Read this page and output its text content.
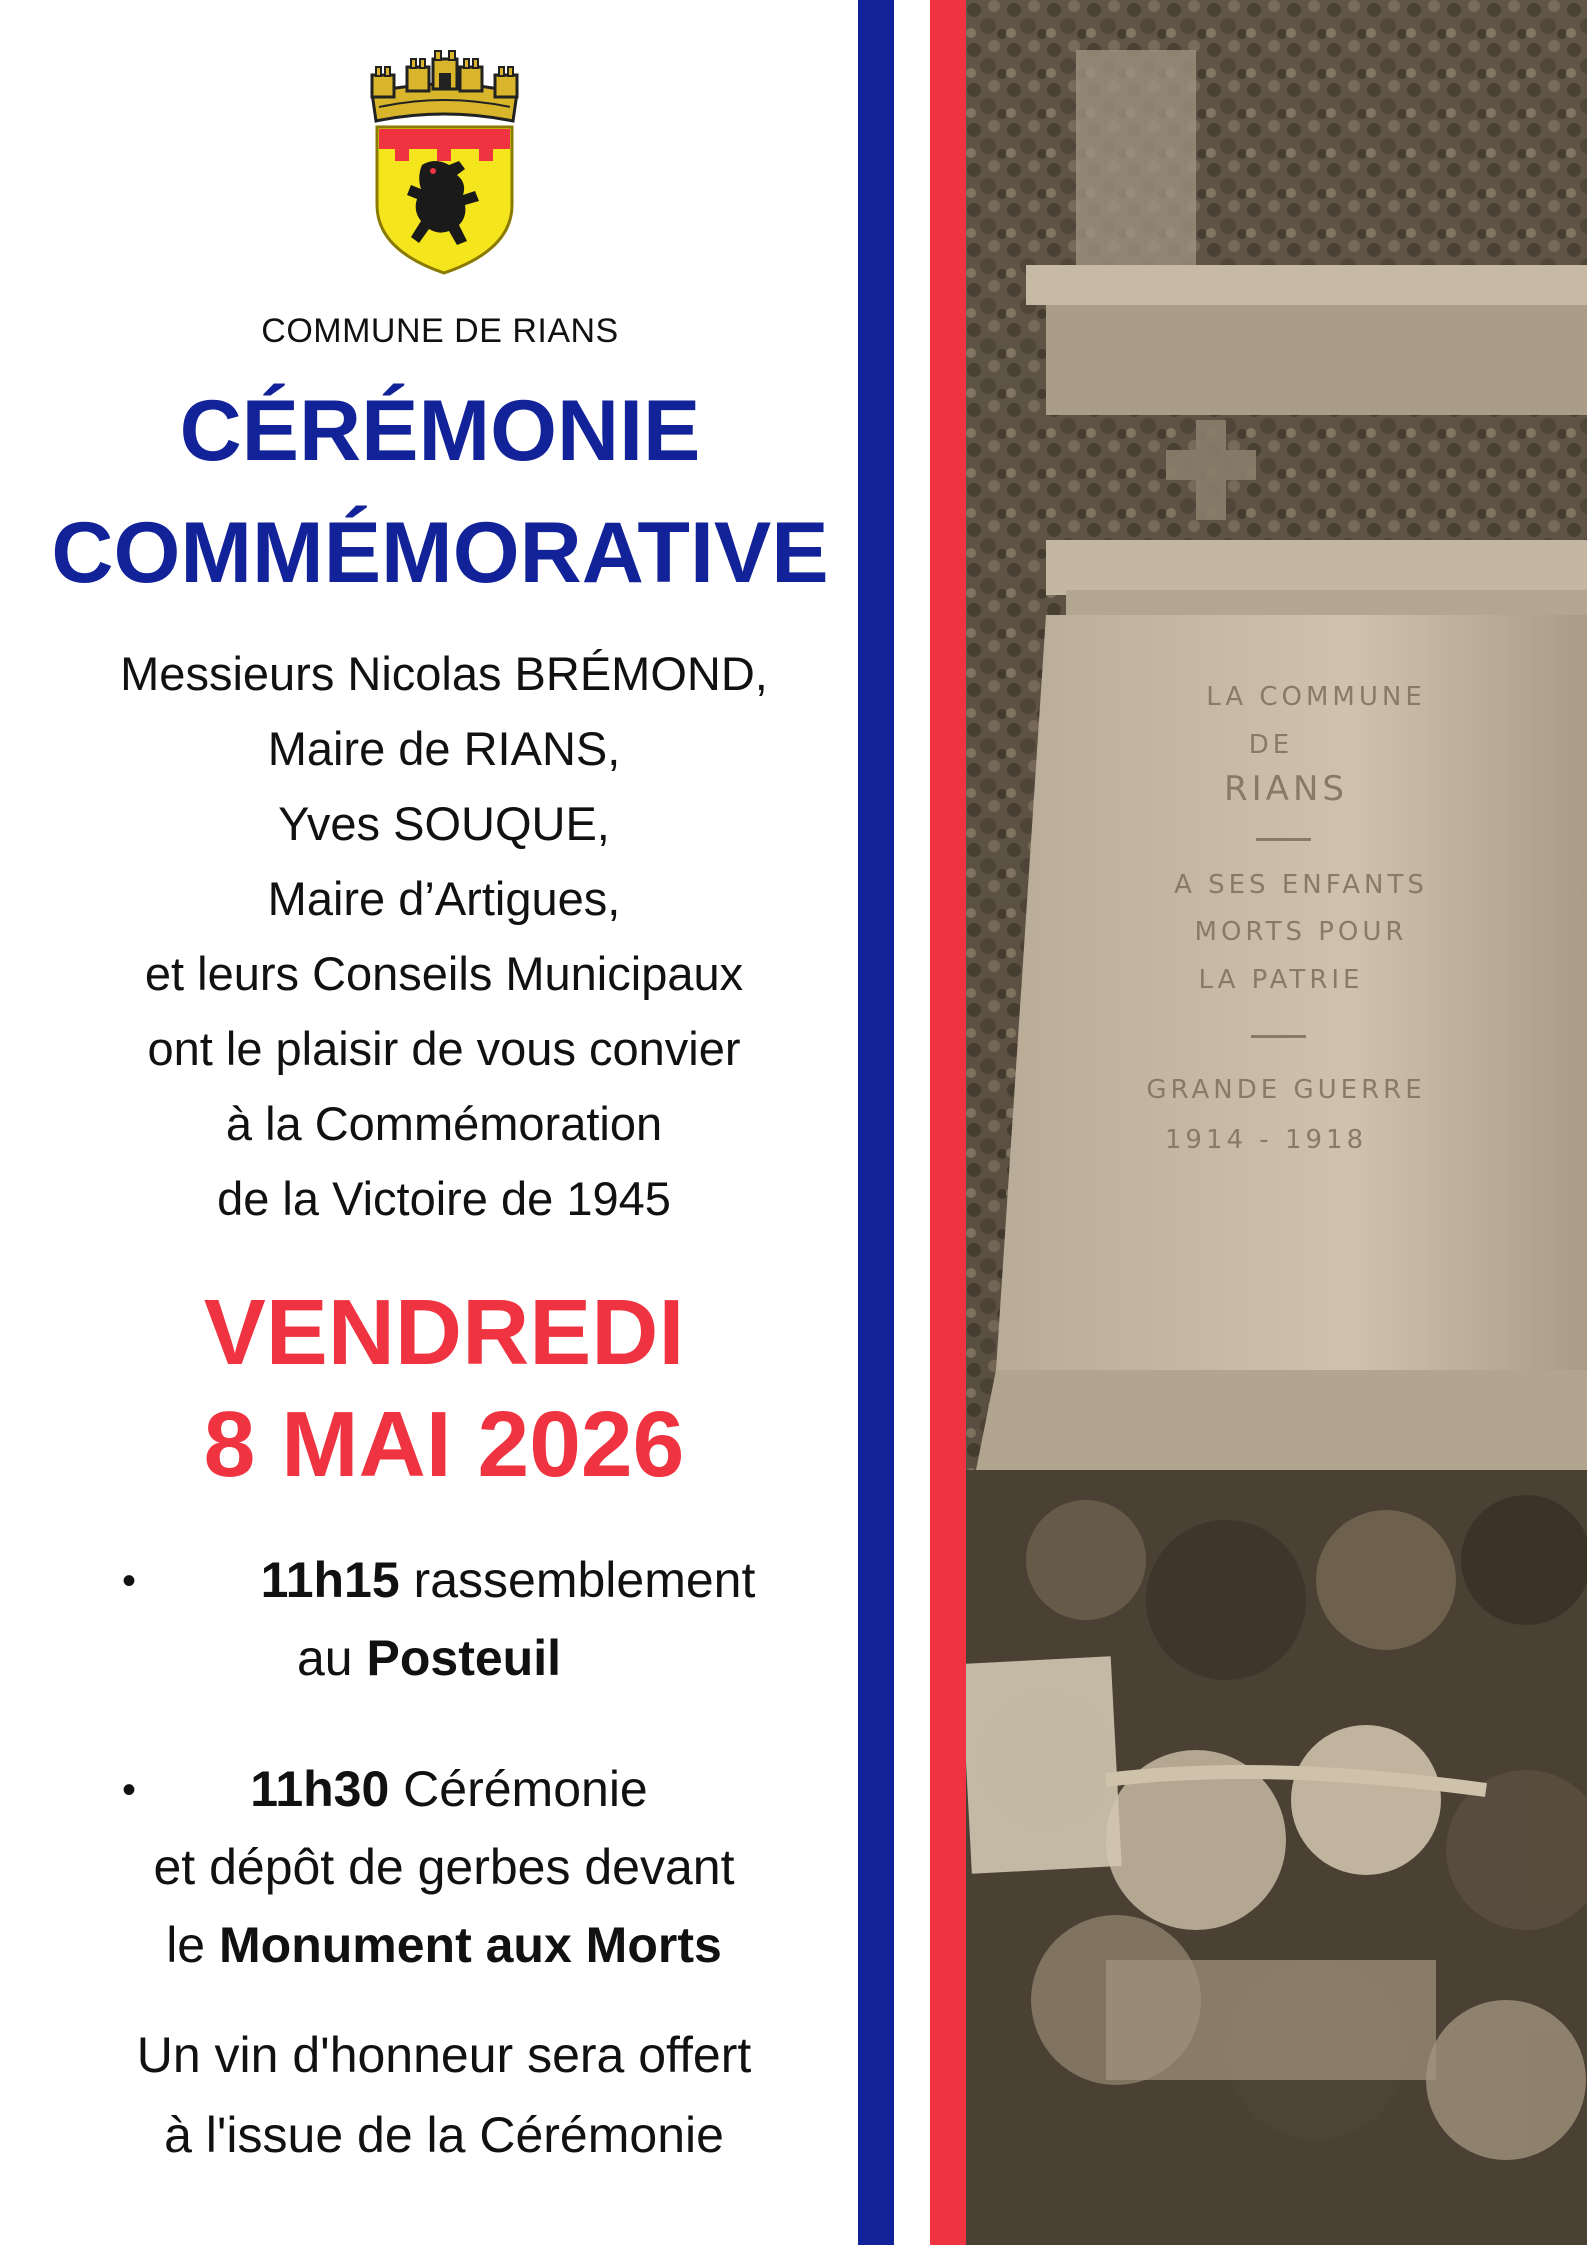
COMMUNE DE RIANS
CÉRÉMONIE
COMMÉMORATIVE
Messieurs Nicolas BRÉMOND,
Maire de RIANS,
Yves SOUQUE,
Maire d’Artigues,
et leurs Conseils Municipaux
ont le plaisir de vous convier
à la Commémoration
de la Victoire de 1945
VENDREDI
8 MAI 2026
•	11h15 rassemblement
au Posteuil
•	11h30 Cérémonie
et dépôt de gerbes devant
le Monument aux Morts
Un vin d'honneur sera offert
à l'issue de la Cérémonie
LA COMMUNE
DE
RIANS
A SES ENFANTS
MORTS POUR
LA PATRIE
GRANDE GUERRE
1914 - 1918
